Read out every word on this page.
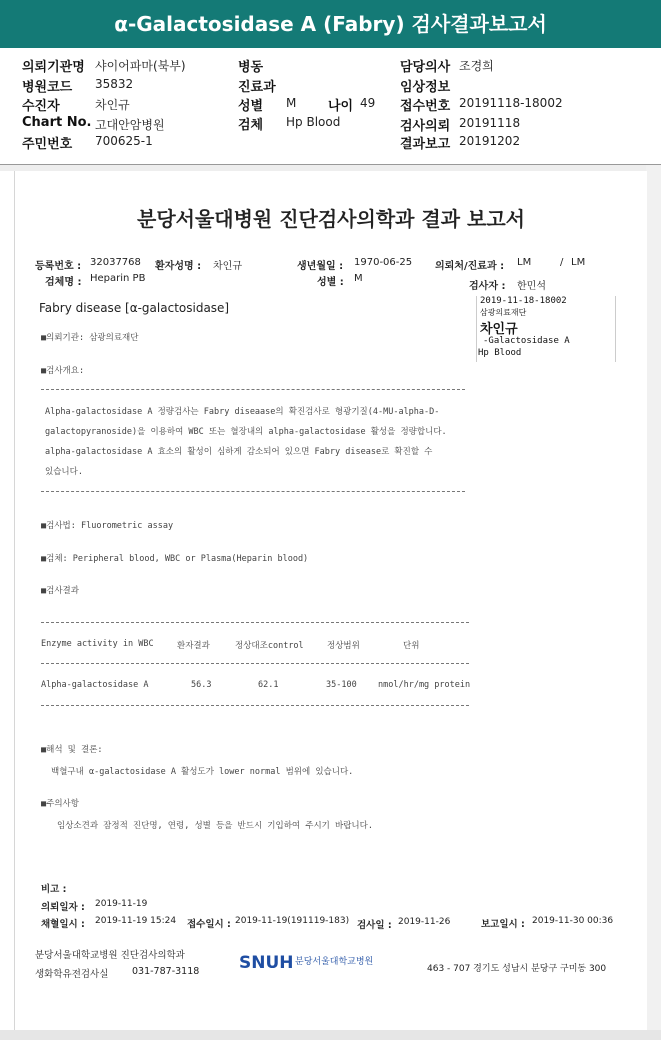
α-Galactosidase A (Fabry) 검사결과보고서
의뢰기관명 샤이어파마(북부)
병원코드 35832
수진자	차인규
Chart No. 고대안암병원
주민번호 700625-1
병동
진료과
성별 M 나이 49
검체 Hp Blood
담당의사 조경희
임상정보
접수번호 20191118-18002
검사의뢰 20191118
결과보고 20191202
분당서울대병원 진단검사의학과 결과 보고서
등록번호 : 32037768 환자성명 : 차인규	생년월일 : 1970-06-25 의뢰처/진료과 : LM	/ LM
검체명 : Heparin PB	성별 : M
검사자 : 한민석
Fabry disease [α-galactosidase]
■의뢰기관: 삼광의료재단
■검사개요:
Alpha-galactosidase A 정량검사는 Fabry diseaase의 확진검사로 형광기질(4-MU-alpha-D-
galactopyranoside)을 이용하여 WBC 또는 혈장내의 alpha-galactosidase 활성을 정량합니다.
alpha-galactosidase A 효소의 활성이 심하게 감소되어 있으면 Fabry disease로 확진할 수
있습니다.
■검사법: Fluorometric assay
■검체: Peripheral blood, WBC or Plasma(Heparin blood)
■검사결과
Enzyme activity in WBC	환자결과	정상대조control	정상범위	단위
Alpha-galactosidase A	56.3	62.1	35-100	nmol/hr/mg protein
■해석 및 결론:
백혈구내 α-galactosidase A 활성도가 lower normal 범위에 있습니다.
■주의사항
임상소견과 잠정적 진단명, 연령, 성별 등을 반드시 기입하여 주시기 바랍니다.
비고 :
의뢰일자 : 2019-11-19
채혈일시 : 2019-11-19 15:24 접수일시 : 2019-11-19(191119-183) 검사일 : 2019-11-26	보고일시 : 2019-11-30 00:36
분당서울대학교병원 진단검사의학과
생화학유전검사실 031-787-3118 SNUH 분당서울대학교병원
463 - 707 경기도 성남시 분당구 구미동 300
2019-11-18-18002
삼광의료재단
차인규
-Galactosidase A
Hp Blood
